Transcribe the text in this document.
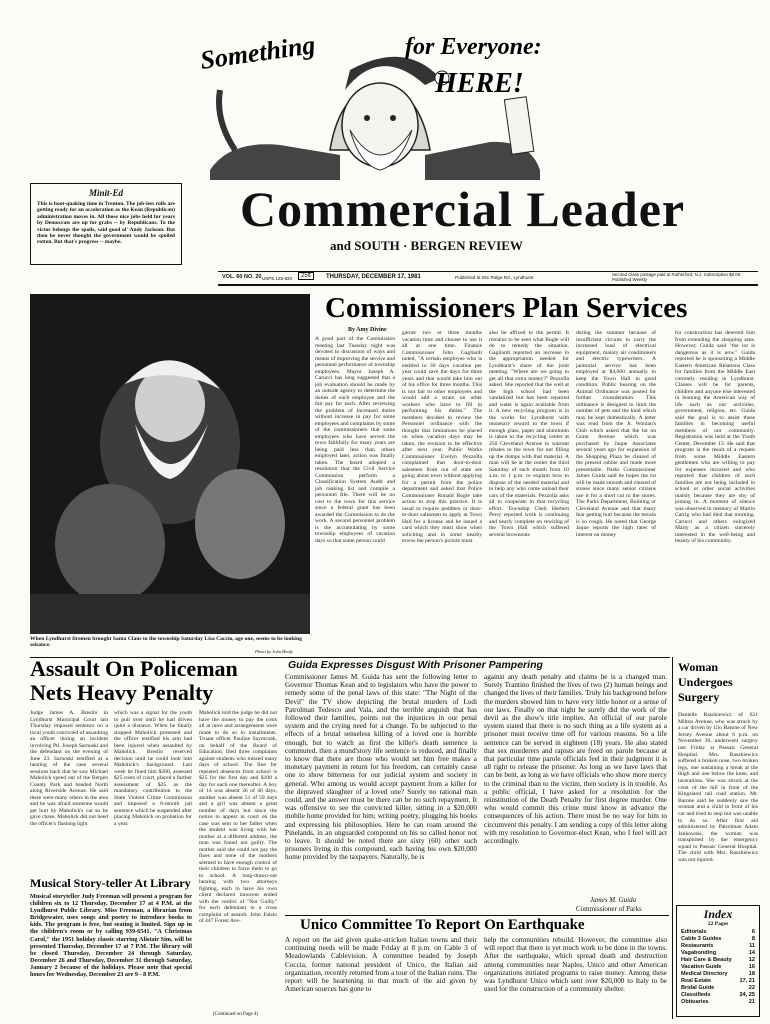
Something	for Everyone:
HERE!
Minit-Ed
This is boot-quaking time in Trenton. The job-less rolls are getting ready for an acceleration as the Kean (Republican) administration moves in. All those nice jobs held for years by Democrats are up for grabs -- by Republicans. To the victor belongs the spoils, said good ol' Andy Jackson. But then he never thought the government would be spoiled rotten. But that's progress -- maybe.
Commercial Leader
and SOUTH · BERGEN REVIEW
VOL. 60 NO. 20 USPS 125-820	25¢	THURSDAY, DECEMBER 17, 1981	Published at 251 Ridge Rd., Lyndhurst
Second Class postage paid at Rutherford, N.J. Subscription $8.00 Published Weekly
Commissioners Plan Services
When Lyndhurst firemen brought Santa Claus to the township Saturday Lisa Caccio, age one, seems to be looking askance.
Photo by John Healy
By Amy Divine
A good part of the Commission meeting last Tuesday night was devoted to discussion of ways and means of improving the service and personnel performance of township employees. Mayor Joseph A. Carucci has long suggested that a job evaluation should be made by an outside agency to determine the duties of each employee and the fair pay for each. After reviewing the problem of increased duties without increase in pay for some employees and complaints by some of the commissioners that some employees who have served the town faithfully for many years are being paid less than others employed later, action was finally taken. The board adopted a resolution that the Civil Service Commission perform a Classification System Audit and job ranking list and compile a personnel file. There will be no cost to the town for this service since a federal grant has been awarded the Commission to do the work. A second personnel problem is the accumulating by some township employees of vacation days so that some person could
garner two or three months vacation time and choose to use it all at one time. Finance Commissioner John Gagliardi noted, "A certain employee who is entitled to 30 days vacation per year could save the days for three years and that would take him out of his office for three months. This is not fair to other employees and would add a strain on other workers who have to fill in performing his duties." The members decided to review the Personnel ordinance with the thought that limitations be placed on when vacation days may be taken, the revision to be effective after next year. Public Works Commissioner Evelyn Pezzolla complained that door-to-door salesmen from out of state are going about town without applying for a permit from the police department and asked that Police Commissioner Ronald Bogle take action to stop this practice. It is usual to require peddlers or door-to-door salesmen to apply at Town Hall for a license and be issued a card which they must show when soliciting and in some nearby towns the person's picture must
also be affixed to the permit. It remains to be seen what Bogle will do to remedy the situation. Gagliardi reported an increase in the appropriation needed for Lyndhurst's share of the joint meeting. "Where are we going to get all that extra money?" Pezzolla asked. She reported that the well at the high school had been vandalized but has been repaired and water is again available from it. A new recycling program is in the works for Lyndhurst with monetary reward to the town if enough glass, paper and aluminum is taken to the recycling center at 250 Cleveland Avenue to warrant rebates to the town for not filling up the dumps with that material. A man will be at the center the third Saturday of each month from 10 a.m. to 1 p.m. to explain how to dispose of the needed material and to help any who come unload their cars of the materials. Pezzolla asks all to cooperate in that recycling effort. Township Clerk Herbert Perry reported work is continuing and nearly complete on rewiring of the Town Hall which suffered several brownouts
during the summer because of insufficient circuits to carry the increased load of electrical equipment, mainly air conditioners and electric typewriters. A janitorial service has been employed at $4,000 annually to keep the Town Hall in good condition. Public hearing on the Animal Ordinance was posted for further consideration. This ordinance is designed to limit the number of pets and the kind which may be kept domestically. A letter was read from the Jr. Woman's Club which asked that the lot on Grant Avenue which was purchased by Jaque Associates several years ago for expansion of the Shopping Plaza be cleared of the present rubble and made more presentable. Parks Commissioner James Guida said he hopes the lot will be made smooth and cleared of stones since many senior citizens use it for a short cut to the stores. The Parks Department, Building or Cleveland Avenue and that many fear getting hurt because the terrain is so rough. He noted that George Jaque reports the high rates of interest on money
for construction has deterred him from extending the shopping area. However, Guida said "the lot is dangerous as it is now." Guida reported he is sponsoring a Middle Eastern American Relations Class for families from the Middle East currently residing in Lyndhurst. Classes will be for parents, children and anyone else interested in learning the American way of life such as our activities, government, religion, etc. Guida said the goal is to assist these families in becoming useful members of our community. Registration was held at the Youth Center, December 13. He said that program is the result of a request from some Middle Eastern gentlemen who are willing to pay for expenses incurred and who reported that children of such families are not being included in school or other social activities mainly because they are shy of joining in. A moment of silence was observed in memory of Martin Carrig who had died that morning. Carucci and others eulogized Marty as a citizen sincerely interested in the well-being and beauty of his community.
Assault On Policeman
Nets Heavy Penalty
Judge James A. Breslin in Lyndhurst Municipal Court last Thursday imposed sentence on a local youth convicted of assaulting an officer during an incident involving Ptl. Joseph Sarnoski and the defendant on the evening of June 23. Sarnoski testified at a hearing of the case several sessions back that he saw Michael Maholick speed out of the Bergen County Park and headed North along Riverside Avenue. He said there were many others in the area and he was afraid someone would get hurt by Maholick's car so he gave chase. Maholick did not heed the officer's flashing light
which was a signal for the youth to pull over until he had driven quite a distance. When he finally stopped Maholick protested and the officer testified his arm had been injured when assaulted by Maholick. Breslin reserved decision until he could look into Maholick's background. Last week he fined him $200, assessed $25 costs of court, placed a further assessment of $25 as the mandatory contribution to the State Violent Crime Commission and imposed a 6-month jail sentence which he suspended after placing Maholick on probation for a year.
Maholick told the judge he did not have the money to pay the costs all at once and arrangements were made to do so in installments. Truant officer Pauline Saymczak, on behalf of the Board of Education, filed three complaints against students who missed many days of school. The fine for repeated absences from school is $25 for the first day and $100 a day for each one thereafter. A boy of 14 was absent 36 of 40 days, another was absent 51 of 59 days and a girl was absent a great number of days but since the notice to appear in court on the case was sent to her father when the student was living with her mother at a different address, the man was found not guilty. The mother said she could not pay the fines and none of the mothers seemed to have enough control of their children to force them to go to school. A long-drawn-out hearing with two attorneys fighting, each to have his own client declared innocent ended with the verdict of "Not Guilty" for each defendant in a cross complaint of assault. John Falsto of 447 Forest Ave-
(Continued on Page 4)
Musical Story-teller At Library
Musical storyteller Judy Freeman will present a program for children six to 12 Thursday, December 17 at 4 P.M. at the Lyndhurst Public Library. Miss Freeman, a librarian from Bridgewater, uses songs and poetry to introduce books to kids. The program is free, but seating is limited. Sign up in the children's room or by calling 939-6541. "A Christmas Carol," the 1951 holiday classic starring Alistair Sim, will be presented Thursday, December 17 at 7 P.M. The library will be closed Thursday, December 24 through Saturday, December 26 and Thursday, December 31 through Saturday, January 2 because of the holidays. Please note that special hours for Wednesday, December 23 are 9 - 8 P.M.
Guida Expresses Disgust With Prisoner Pampering
Commissioner James M. Guida has sent the following letter to Governor Thomas Kean and to legislators who have the power to remedy some of the penal laws of this state: "The Night of the Devil" the TV show depicting the brutal murders of Lodi Patrolman Tedesco and Vala, and the terrible anguish that has followed their families, points out the injustices in our penal system and the crying need for a change. To be subjected to the effects of a brutal senseless killing of a loved one is horrible enough, but to watch as first the killer's death sentence is commuted, then a mund'story life sentence is reduced, and finally to know that there are those who would set him free makes a monetary payment in return for his freedom, can certainly cause one to show bitterness for our judicial system and society in general. Who among us would accept payment from a killer for the depraved slaughter of a loved one? Surely no rational man could, and the answer must be there can be no such repayment. It was offensive to see the convicted killer, sitting in a $20,000 mobile home provided for him; writing poetry, plugging his books and expressing his philosophies. Here he can roam around the Pinelands, in an unguarded compound on his so called honor not to leave. It should be noted there are sixty (60) other such prisoners living in this compound, each having his own $20,000 home provided by the taxpayers. Naturally, he is
against any death penalty and claims he is a changed man. Surely Trantino finished the lives of two (2) human beings and changed the lives of their families. Truly his background before the murders showed him to have very little honor or a sense of our laws. Finally on that night he surely did the work of the devil as the show's title implies. An official of our parole system stated that there is no such thing as a life system as a prisoner must receive time off for various reasons. So a life sentence can be served in eighteen (18) years. He also stated that sex murderers and rapists are freed on parole because at that particular time parole officials feel in their judgment it is all right to release the prisoner. As long as we have laws that can be bent, as long as we have officials who show more mercy to the criminal than to the victim, then society is in trouble. As a public official, I have asked for a resolution for the reinstitution of the Death Penalty for first degree murder. One who would commit this crime must know in advance the consequences of his action. There must be no way for him to circumvent this penalty. I am sending a copy of this letter along with my resolution to Governor-elect Kean, who I feel will act accordingly.
James M. Guida
Commissioner of Parks
Unico Committee To Report On Earthquake
A report on the aid given quake-stricken Italian towns and their continuing needs will be made Friday at 8 p.m. on Cable 3 of Meadowlands Cablevision. A committee headed by Joseph Coccia, former national president of Unico, the Italian aid organization, recently returned from a tour of the Italian ruins. The report will be heartening in that much of the aid given by American sources has gone to
help the communities rebuild. However, the committee also will report that there is yet much work to be done in the towns. After the earthquake, which spread death and destruction among communities near Naples, Unico and other American organizations initiated programs to raise money. Among these was Lyndhurst Unico which sent over $20,000 to Italy to be used for the construction of a community shelter.
Woman Undergoes Surgery
Danielle Raszkiewicz of 621 Milton Avenue, who was struck by a car driven by Ulo Barone of New Jersey Avenue about 6 p.m. on November 30, underwent surgery last Friday at Passaic General Hospital. Mrs. Raszkiewicz suffered a broken nose, two broken legs, one sustaining a break at the thigh and one below the knee, and lacerations. She was struck at the crest of the hill in front of the Kingsland rail road station. Mr. Barone said he suddenly saw the woman and a child in front of his car and tried to stop but was unable to do so. After first aid administered by Patrolman Adam Jankowski, the woman was transported by the emergency squad to Passaic General Hospital. The child with Mrs. Raszkiewicz was not injured.
Index
22 Pages
Editorials	6
Cable 3 Guides	8
Restaurants	11
Vagabonding	14
Hair Care & Beauty	12
Vacation Guide	16
Medical Directory	18
Real Estate	17, 21
Bridal Guide	22
Classifieds	24, 25
Obituaries	21
